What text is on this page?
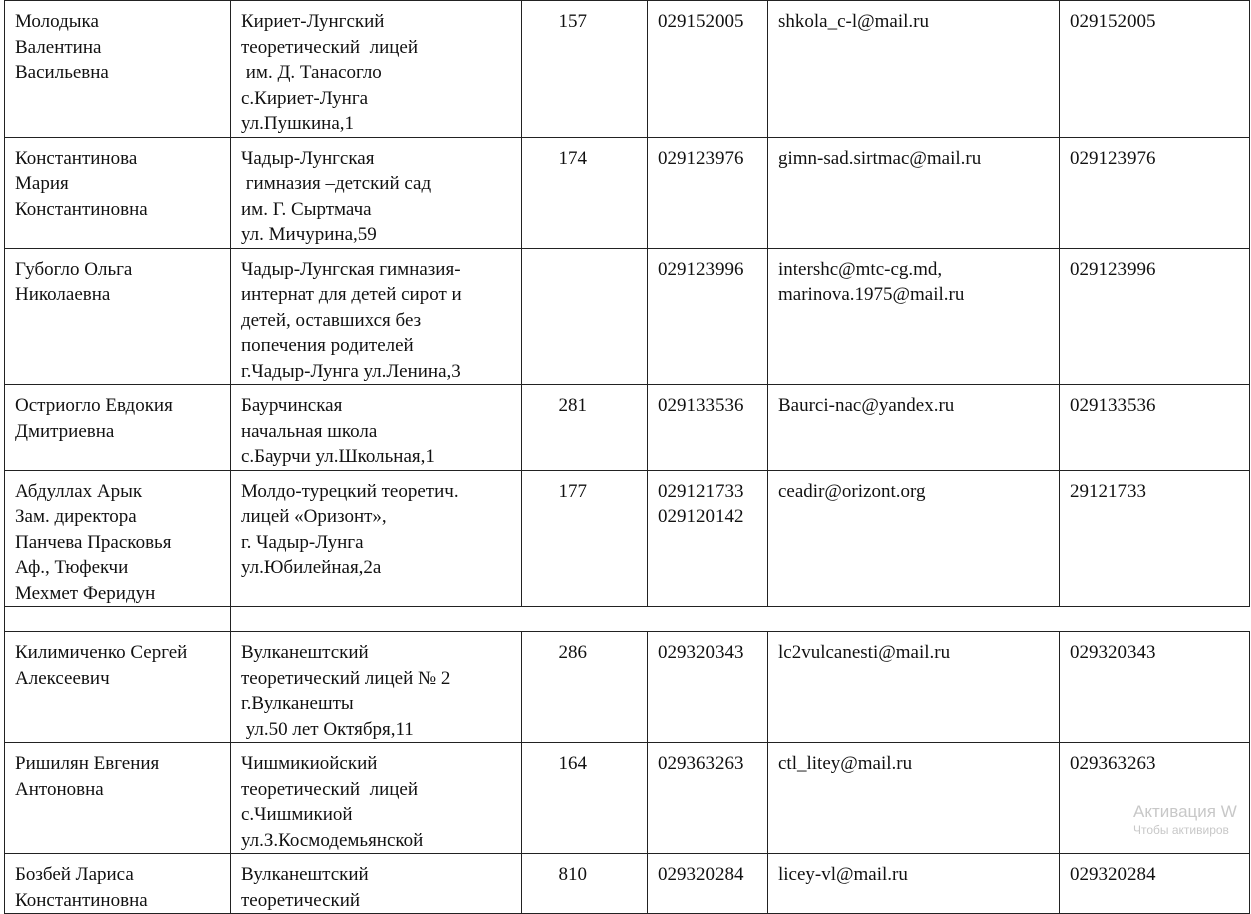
Молодыка
Валентина
Васильевна	Кириет-Лунгский
теоретический  лицей
им. Д. Танасогло
с.Кириет-Лунга
ул.Пушкина,1	157	029152005	shkola_c-l@mail.ru	029152005
Константинова
Мария
Константиновна	Чадыр-Лунгская
гимназия –детский сад
им. Г. Сыртмача
ул. Мичурина,59	174	029123976	gimn-sad.sirtmac@mail.ru	029123976
Губогло Ольга
Николаевна	Чадыр-Лунгская гимназия-
интернат для детей сирот и
детей, оставшихся без
попечения родителей
г.Чадыр-Лунга ул.Ленина,3		029123996	intershc@mtc-cg.md,
marinova.1975@mail.ru	029123996
Остриогло Евдокия
Дмитриевна	Баурчинская
начальная школа
с.Баурчи ул.Школьная,1	281	029133536	Baurci-nac@yandex.ru	029133536
Абдуллах Арык
Зам. директора
Панчева Прасковья
Аф., Тюфекчи
Мехмет Феридун	Молдо-турецкий теоретич.
лицей «Оризонт»,
г. Чадыр-Лунга
ул.Юбилейная,2а	177	029121733
029120142	ceadir@orizont.org	29121733

Килимиченко Сергей
Алексеевич	Вулканештский
теоретический лицей № 2
г.Вулканешты
ул.50 лет Октября,11	286	029320343	lc2vulcanesti@mail.ru	029320343
Ришилян Евгения
Антоновна	Чишмикиойский
теоретический  лицей
с.Чишмикиой
ул.З.Космодемьянской	164	029363263	ctl_litey@mail.ru	029363263
Бозбей Лариса
Константиновна	Вулканештский
теоретический	810	029320284	licey-vl@mail.ru	029320284
Активация W
Чтобы активиров
